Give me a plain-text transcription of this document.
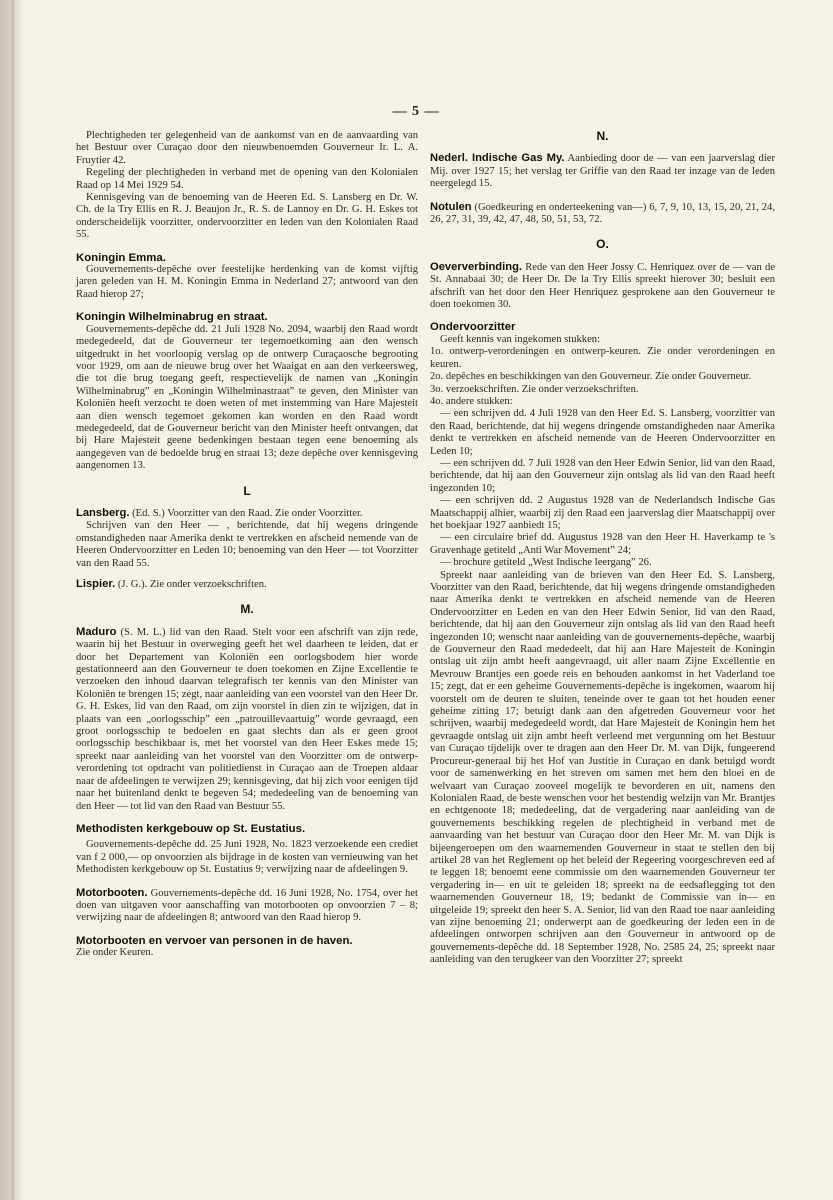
— 5 —

Plechtigheden ter gelegenheid van de aankomst van en de aanvaarding van het Bestuur over Curaçao door den nieuwbenoemden Gouverneur Ir. L. A. Fruytier 42.

Regeling der plechtigheden in verband met de opening van den Kolonialen Raad op 14 Mei 1929 54.

Kennisgeving van de benoeming van de Heeren Ed. S. Lansberg en Dr. W. Ch. de la Try Ellis en R. J. Beaujon Jr., R. S. de Lannoy en Dr. G. H. Eskes tot onderscheidelijk voorzitter, ondervoorzitter en leden van den Kolonialen Raad 55.

Koningin Emma.

Gouvernements-depêche over feestelijke herdenking van de komst vijftig jaren geleden van H. M. Koningin Emma in Nederland 27; antwoord van den Raad hierop 27;

Koningin Wilhelminabrug en straat.

Gouvernements-depêche dd. 21 Juli 1928 No. 2094, waarbij den Raad wordt medegedeeld, dat de Gouverneur ter tegemoetkoming aan den wensch uitgedrukt in het voorloopig verslag op de ontwerp Curaçaosche begrooting voor 1929, om aan de nieuwe brug over het Waaigat en aan den verkeersweg, die tot die brug toegang geeft, respectievelijk de namen van „Koningin Wilhelminabrug” en „Koningin Wilhelminastraat” te geven, den Minister van Koloniën heeft verzocht te doen weten of met instemming van Hare Majesteit aan dien wensch tegemoet gekomen kan worden en den Raad wordt medegedeeld, dat de Gouverneur bericht van den Minister heeft ontvangen, dat bij Hare Majesteit geene bedenkingen bestaan tegen eene benoeming als aangegeven van de bedoelde brug en straat 13; deze depêche over kennisgeving aangenomen 13.

L

Lansberg. (Ed. S.) Voorzitter van den Raad. Zie onder Voorzitter.

Schrijven van den Heer — , berichtende, dat hij wegens dringende omstandigheden naar Amerika denkt te vertrekken en afscheid nemende van de Heeren Ondervoorzitter en Leden 10; benoeming van den Heer — tot Voorzitter van den Raad 55.

Lispier. (J. G.). Zie onder verzoekschriften.

M.

Maduro (S. M. L.) lid van den Raad. Stelt voor een afschrift van zijn rede, waarin hij het Bestuur in overweging geeft het wel daarheen te leiden, dat er door het Departement van Koloniën een oorlogsbodem hier worde gestationneerd aan den Gouverneur te doen toekomen en Zijne Excellentie te verzoeken den inhoud daarvan telegrafisch ter kennis van den Minister van Koloniën te brengen 15; zegt, naar aanleiding van een voorstel van den Heer Dr. G. H. Eskes, lid van den Raad, om zijn voorstel in dien zin te wijzigen, dat in plaats van een „oorlogsschip” een „patrouillevaartuig” worde gevraagd, een groot oorlogsschip te bedoelen en gaat slechts dan als er geen groot oorlogsschip beschikbaar is, met het voorstel van den Heer Eskes mede 15; spreekt naar aanleiding van het voorstel van den Voorzitter om de ontwerp-verordening tot opdracht van politiedienst in Curaçao aan de Troepen aldaar naar de afdeelingen te verwijzen 29; kennisgeving, dat hij zich voor eenigen tijd naar het buitenland denkt te begeven 54; mededeeling van de benoeming van den Heer — tot lid van den Raad van Bestuur 55.

Methodisten kerkgebouw op St. Eustatius.

Gouvernements-depêche dd. 25 Juni 1928, No. 1823 verzoekende een crediet van f 2 000,— op onvoorzien als bijdrage in de kosten van vernieuwing van het Methodisten kerkgebouw op St. Eustatius 9; verwijzing naar de afdeelingen 9.

Motorbooten. Gouvernements-depêche dd. 16 Juni 1928, No. 1754, over het doen van uitgaven voor aanschaffing van motorbooten op onvoorzien 7 – 8; verwijzing naar de afdeelingen 8; antwoord van den Raad hierop 9.

Motorbooten en vervoer van personen in de haven.

Zie onder Keuren.

N.

Nederl. Indische Gas My. Aanbieding door de — van een jaarverslag dier Mij. over 1927 15; het verslag ter Griffie van den Raad ter inzage van de leden neergelegd 15.

Notulen (Goedkeuring en onderteekening van—) 6, 7, 9, 10, 13, 15, 20, 21, 24, 26, 27, 31, 39, 42, 47, 48, 50, 51, 53, 72.

O.

Oeververbinding. Rede van den Heer Jossy C. Henriquez over de — van de St. Annabaai 30; de Heer Dr. De la Try Ellis spreekt hierover 30; besluit een afschrift van het door den Heer Henriquez gesprokene aan den Gouverneur te doen toekomen 30.

Ondervoorzitter

Geeft kennis van ingekomen stukken:

1o. ontwerp-verordeningen en ontwerp-keuren. Zie onder verordeningen en keuren.

2o. depêches en beschikkingen van den Gouverneur. Zie onder Gouverneur.

3o. verzoekschriften. Zie onder verzoekschriften.

4o. andere stukken:

— een schrijven dd. 4 Juli 1928 van den Heer Ed. S. Lansberg, voorzitter van den Raad, berichtende, dat hij wegens dringende omstandigheden naar Amerika denkt te vertrekken en afscheid nemende van de Heeren Ondervoorzitter en Leden 10;

— een schrijven dd. 7 Juli 1928 van den Heer Edwin Senior, lid van den Raad, berichtende, dat hij aan den Gouverneur zijn ontslag als lid van den Raad heeft ingezonden 10;

— een schrijven dd. 2 Augustus 1928 van de Nederlandsch Indische Gas Maatschappij alhier, waarbij zij den Raad een jaarverslag dier Maatschappij over het boekjaar 1927 aanbiedt 15;

— een circulaire brief dd. Augustus 1928 van den Heer H. Haverkamp te 's Gravenhage getiteld „Anti War Movement” 24;

— brochure getiteld „West Indische leergang” 26.

Spreekt naar aanleiding van de brieven van den Heer Ed. S. Lansberg, Voorzitter van den Raad, berichtende, dat hij wegens dringende omstandigheden naar Amerika denkt te vertrekken en afscheid nemende van de Heeren Ondervoorzitter en Leden en van den Heer Edwin Senior, lid van den Raad, berichtende, dat hij aan den Gouverneur zijn ontslag als lid van den Raad heeft ingezonden 10; wenscht naar aanleiding van de gouvernements-depêche, waarbij de Gouverneur den Raad mededeelt, dat hij aan Hare Majesteit de Koningin ontslag uit zijn ambt heeft aangevraagd, uit aller naam Zijne Excellentie en Mevrouw Brantjes een goede reis en behouden aankomst in het Vaderland toe 15; zegt, dat er een geheime Gouvernements-depêche is ingekomen, waarom hij voorstelt om de deuren te sluiten, teneinde over te gaan tot het houden eener geheime zitting 17; betuigt dank aan den afgetreden Gouverneur voor het schrijven, waarbij medegedeeld wordt, dat Hare Majesteit de Koningin hem het gevraagde ontslag uit zijn ambt heeft verleend met vergunning om het Bestuur van Curaçao tijdelijk over te dragen aan den Heer Dr. M. van Dijk, fungeerend Procureur-generaal bij het Hof van Justitie in Curaçao en dank betuigd wordt voor de samenwerking en het streven om samen met hem den bloei en de welvaart van Curaçao zooveel mogelijk te bevorderen en uit, namens den Kolonialen Raad, de beste wenschen voor het bestendig welzijn van Mr. Brantjes en echtgenoote 18; mededeeling, dat de vergadering naar aanleiding van de gouvernements beschikking regelen de plechtigheid in verband met de aanvaarding van het bestuur van Curaçao door den Heer Mr. M. van Dijk is bijeengeroepen om den waarnemenden Gouverneur in staat te stellen den bij artikel 28 van het Reglement op het beleid der Regeering voorgeschreven eed af te leggen 18; benoemt eene commissie om den waarnemenden Gouverneur ter vergadering in— en uit te geleiden 18; spreekt na de eedsaflegging tot den waarnemenden Gouverneur 18, 19; bedankt de Commissie van in— en uitgeleide 19; spreekt den heer S. A. Senior, lid van den Raad toe naar aanleiding van zijne benoeming 21; onderwerpt aan de goedkeuring der leden een in de afdeelingen ontworpen schrijven aan den Gouverneur in antwoord op de gouvernements-depêche dd. 18 September 1928, No. 2585 24, 25; spreekt naar aanleiding van den terugkeer van den Voorzitter 27; spreekt
